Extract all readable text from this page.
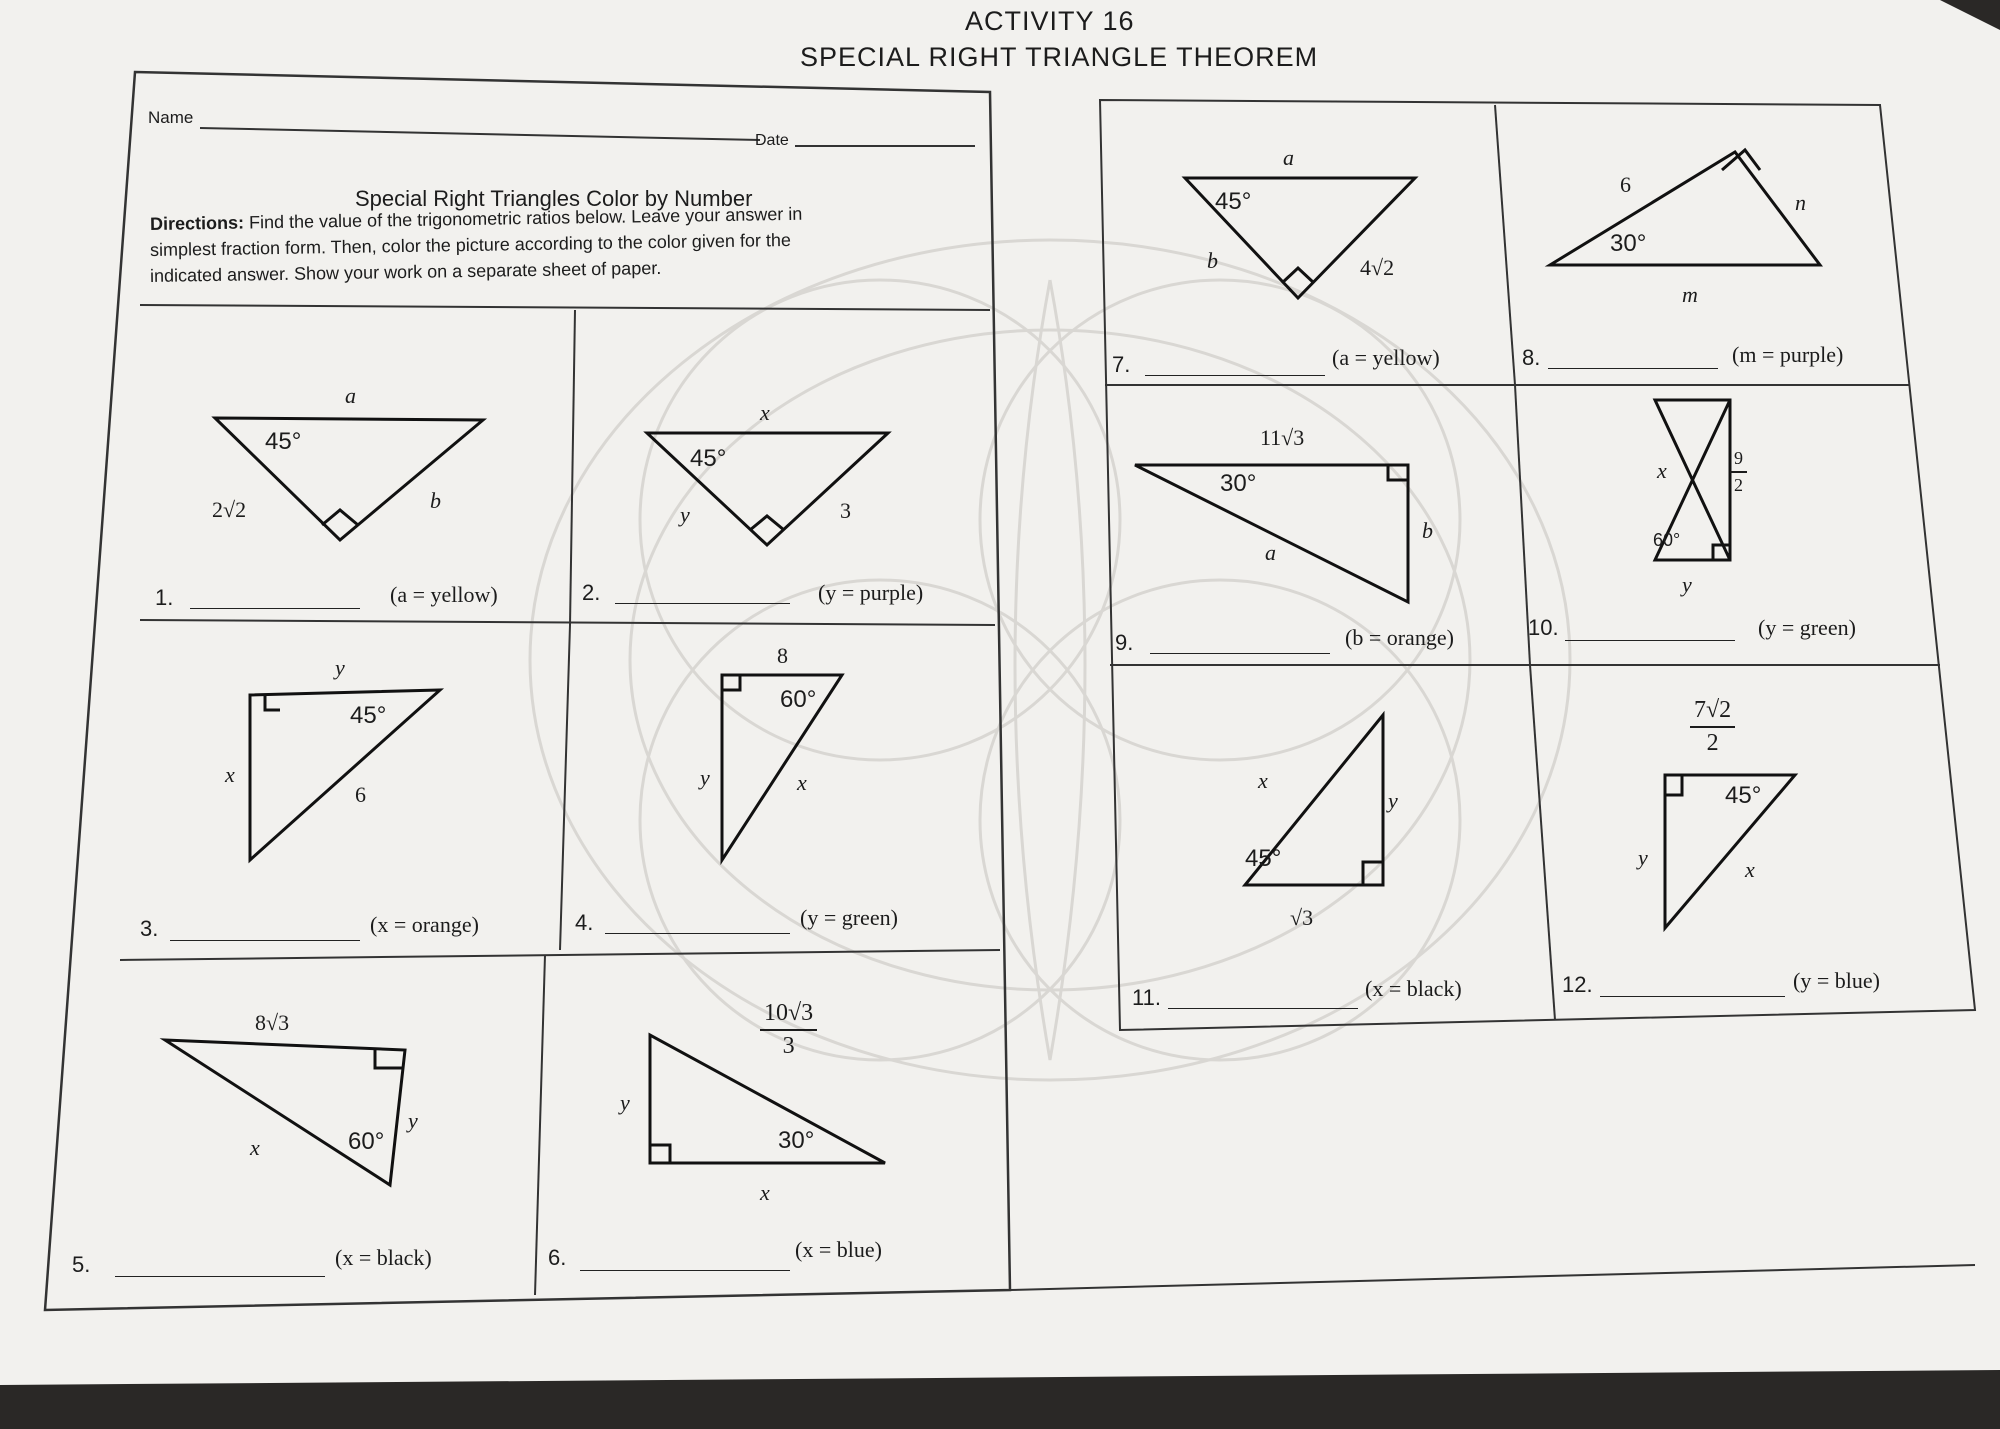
ACTIVITY 16
SPECIAL RIGHT TRIANGLE THEOREM
Name
Date
Special Right Triangles Color by Number
Directions: Find the value of the trigonometric ratios below. Leave your answer in
simplest fraction form. Then, color the picture according to the color given for the
indicated answer. Show your work on a separate sheet of paper.
a
45°
2√2	b
1.	(a = yellow)
x
45°
y	3
2.	(y = purple)
y
45°
x
6
3.	(x = orange)
8
60°
y	x
4.	(y = green)
8√3
y
60°
x
5.	(x = black)
$\frac{10√3}{3}$
y
30°
x
6.	(x = blue)
a
45°
b	4√2
7.	(a = yellow)
6
n
30°
m
8.	(m = purple)
11√3
30°
b
a
9.	(b = orange)
x	$\frac{9}{2}$
60°
y
10.	(y = green)
x
y
45°
√3
11.	(x = black)
$\frac{7√2}{2}$
45°
y	x
12.	(y = blue)
